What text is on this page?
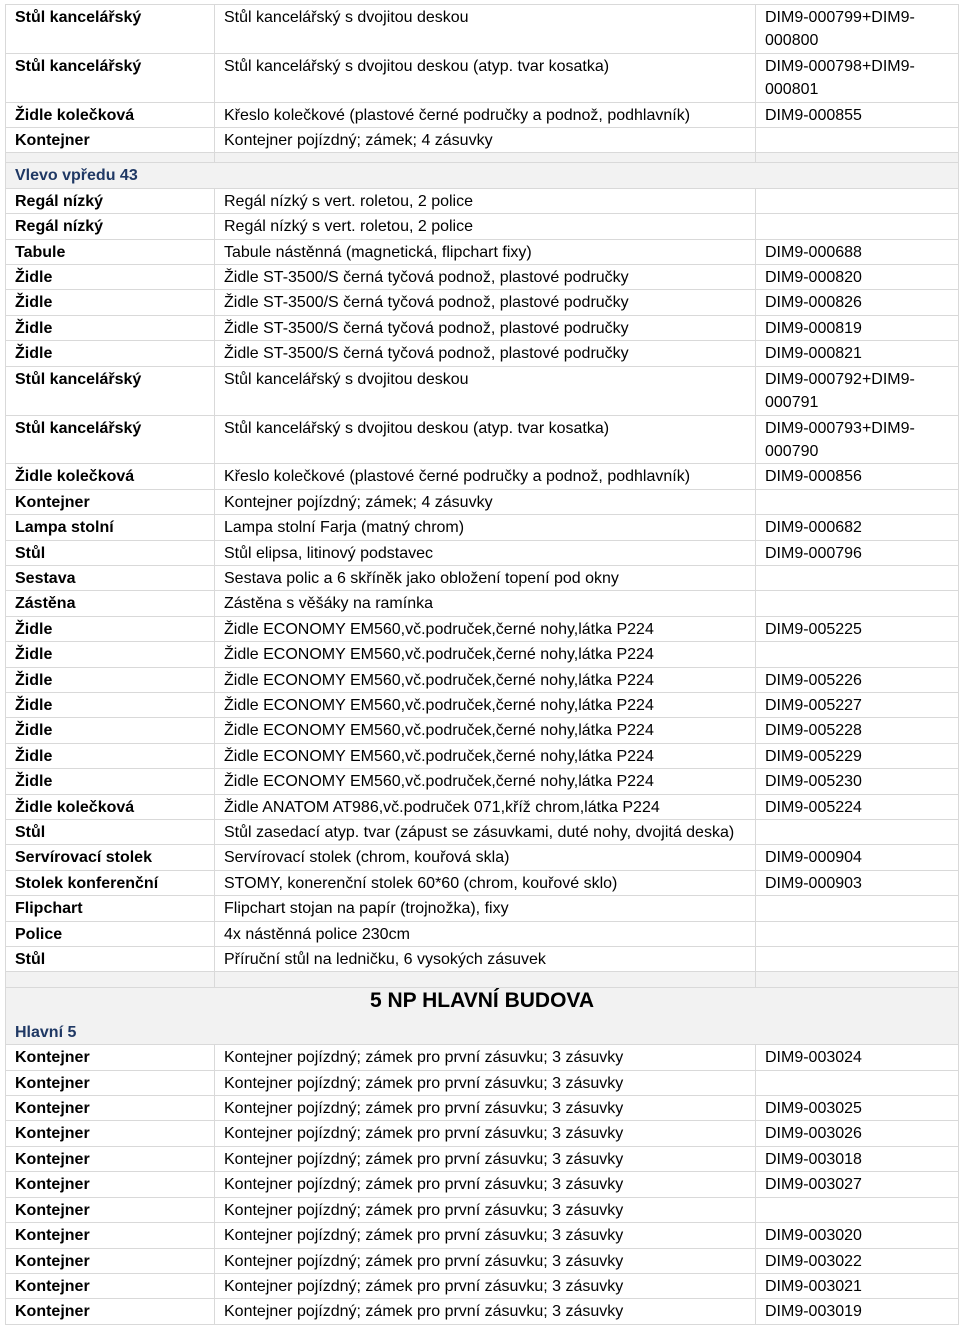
Stůl kancelářský	Stůl kancelářský s dvojitou deskou	DIM9-000799+DIM9-000800
Stůl kancelářský	Stůl kancelářský s dvojitou deskou (atyp. tvar kosatka)	DIM9-000798+DIM9-000801
Židle kolečková	Křeslo kolečkové (plastové černé područky a podnož, podhlavník)	DIM9-000855
Kontejner	Kontejner pojízdný; zámek; 4 zásuvky	

Vlevo vpředu 43		
Regál nízký	Regál nízký s vert. roletou, 2 police	
Regál nízký	Regál nízký s vert. roletou, 2 police	
Tabule	Tabule nástěnná (magnetická, flipchart fixy)	DIM9-000688
Židle	Židle ST-3500/S černá tyčová podnož, plastové područky	DIM9-000820
Židle	Židle ST-3500/S černá tyčová podnož, plastové područky	DIM9-000826
Židle	Židle ST-3500/S černá tyčová podnož, plastové područky	DIM9-000819
Židle	Židle ST-3500/S černá tyčová podnož, plastové područky	DIM9-000821
Stůl kancelářský	Stůl kancelářský s dvojitou deskou	DIM9-000792+DIM9-000791
Stůl kancelářský	Stůl kancelářský s dvojitou deskou (atyp. tvar kosatka)	DIM9-000793+DIM9-000790
Židle kolečková	Křeslo kolečkové (plastové černé područky a podnož, podhlavník)	DIM9-000856
Kontejner	Kontejner pojízdný; zámek; 4 zásuvky	
Lampa stolní	Lampa stolní Farja (matný chrom)	DIM9-000682
Stůl	Stůl elipsa, litinový podstavec	DIM9-000796
Sestava	Sestava polic a 6 skříněk jako obložení topení pod okny	
Zástěna	Zástěna s věšáky na ramínka	
Židle	Židle ECONOMY EM560,vč.područek,černé nohy,látka P224	DIM9-005225
Židle	Židle ECONOMY EM560,vč.područek,černé nohy,látka P224	
Židle	Židle ECONOMY EM560,vč.područek,černé nohy,látka P224	DIM9-005226
Židle	Židle ECONOMY EM560,vč.područek,černé nohy,látka P224	DIM9-005227
Židle	Židle ECONOMY EM560,vč.područek,černé nohy,látka P224	DIM9-005228
Židle	Židle ECONOMY EM560,vč.područek,černé nohy,látka P224	DIM9-005229
Židle	Židle ECONOMY EM560,vč.područek,černé nohy,látka P224	DIM9-005230
Židle kolečková	Židle ANATOM AT986,vč.područek 071,kříž chrom,látka P224	DIM9-005224
Stůl	Stůl zasedací atyp. tvar (zápust se zásuvkami, duté nohy, dvojitá deska)	
Servírovací stolek	Servírovací stolek (chrom, kouřová skla)	DIM9-000904
Stolek konferenční	STOMY, konerenční stolek 60*60 (chrom, kouřové sklo)	DIM9-000903
Flipchart	Flipchart stojan na papír (trojnožka), fixy	
Police	4x nástěnná police 230cm	
Stůl	Příruční stůl na ledničku, 6 vysokých zásuvek	

5 NP HLAVNÍ BUDOVA
Hlavní 5		

Kontejner	Kontejner pojízdný; zámek pro první zásuvku; 3 zásuvky	DIM9-003024
Kontejner	Kontejner pojízdný; zámek pro první zásuvku; 3 zásuvky	
Kontejner	Kontejner pojízdný; zámek pro první zásuvku; 3 zásuvky	DIM9-003025
Kontejner	Kontejner pojízdný; zámek pro první zásuvku; 3 zásuvky	DIM9-003026
Kontejner	Kontejner pojízdný; zámek pro první zásuvku; 3 zásuvky	DIM9-003018
Kontejner	Kontejner pojízdný; zámek pro první zásuvku; 3 zásuvky	DIM9-003027
Kontejner	Kontejner pojízdný; zámek pro první zásuvku; 3 zásuvky	
Kontejner	Kontejner pojízdný; zámek pro první zásuvku; 3 zásuvky	DIM9-003020
Kontejner	Kontejner pojízdný; zámek pro první zásuvku; 3 zásuvky	DIM9-003022
Kontejner	Kontejner pojízdný; zámek pro první zásuvku; 3 zásuvky	DIM9-003021
Kontejner	Kontejner pojízdný; zámek pro první zásuvku; 3 zásuvky	DIM9-003019
